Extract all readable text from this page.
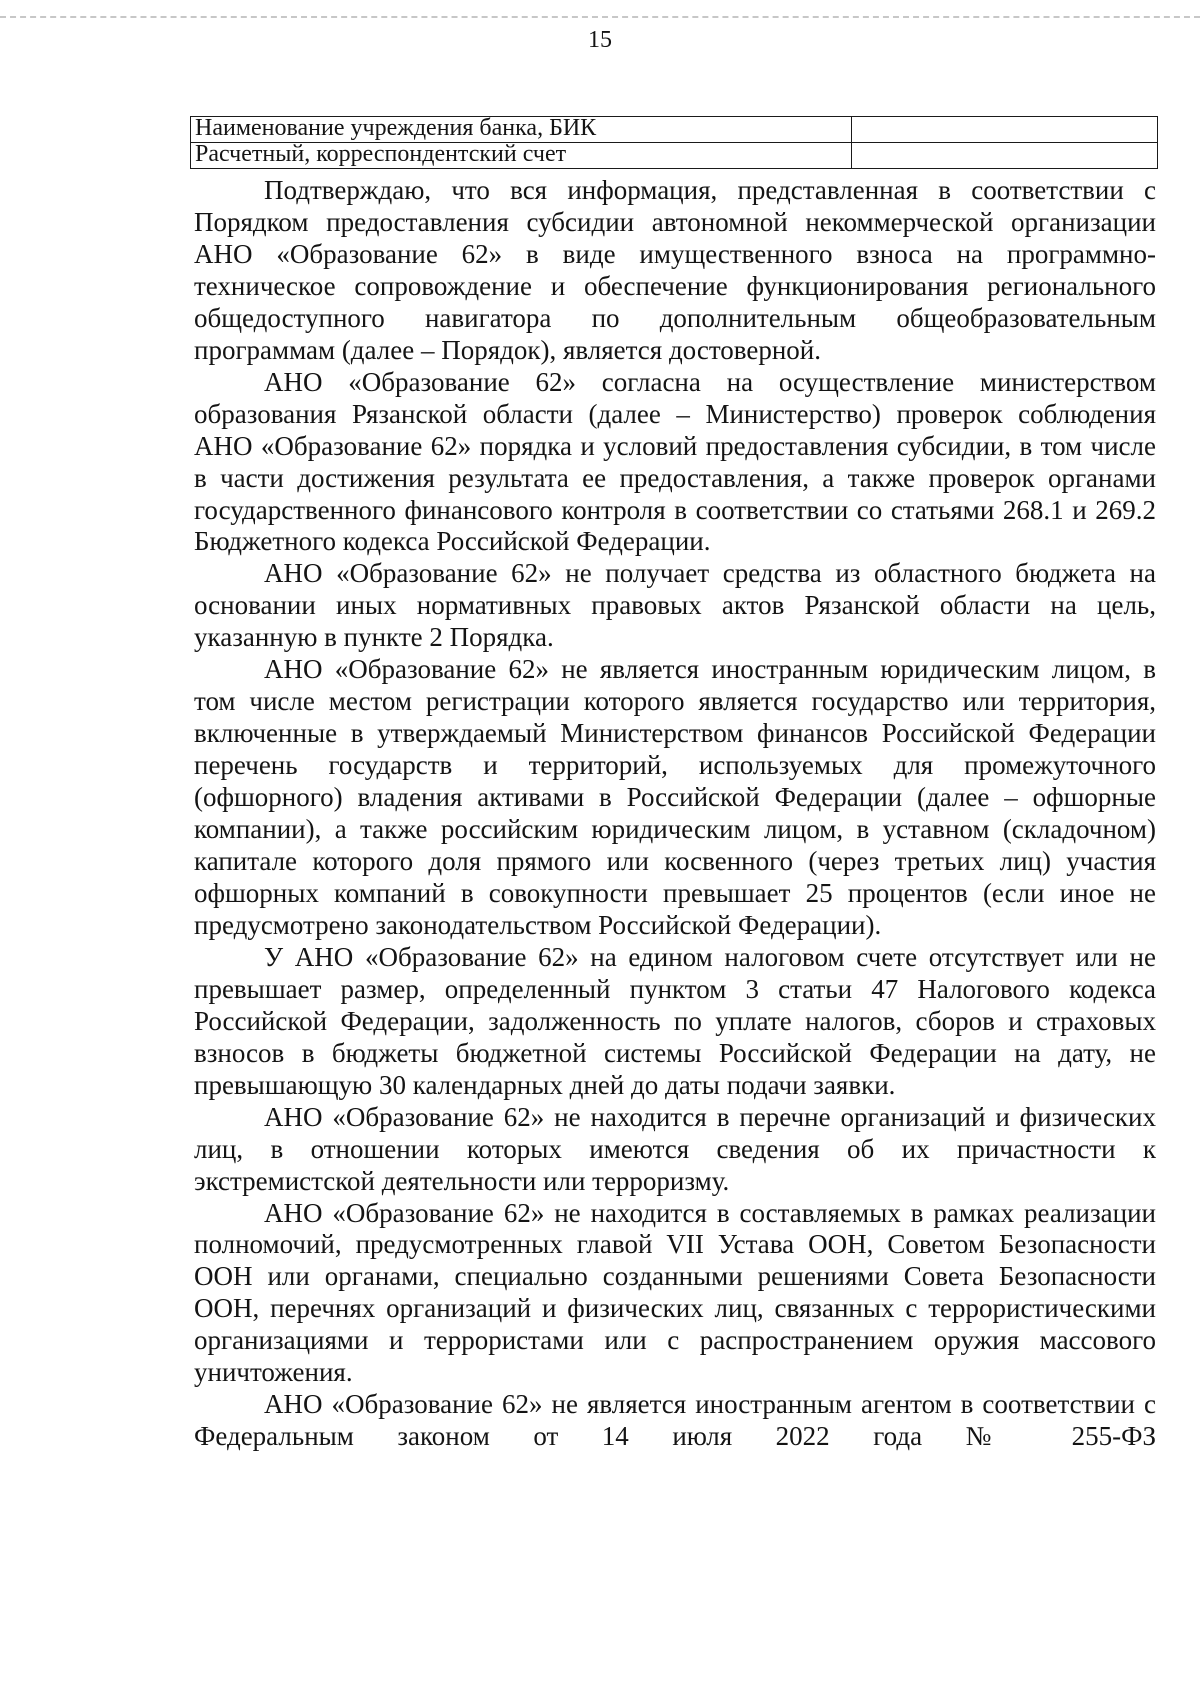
15
Наименование учреждения банка, БИК	
Расчетный, корреспондентский счет	

Подтверждаю, что вся информация, представленная в соответствии с Порядком предоставления субсидии автономной некоммерческой организации АНО «Образование 62» в виде имущественного взноса на программно-техническое сопровождение и обеспечение функционирования регионального общедоступного навигатора по дополнительным общеобразовательным программам (далее – Порядок), является достоверной.

АНО «Образование 62» согласна на осуществление министерством образования Рязанской области (далее – Министерство) проверок соблюдения АНО «Образование 62» порядка и условий предоставления субсидии, в том числе в части достижения результата ее предоставления, а также проверок органами государственного финансового контроля в соответствии со статьями 268.1 и 269.2 Бюджетного кодекса Российской Федерации.

АНО «Образование 62» не получает средства из областного бюджета на основании иных нормативных правовых актов Рязанской области на цель, указанную в пункте 2 Порядка.

АНО «Образование 62» не является иностранным юридическим лицом, в том числе местом регистрации которого является государство или территория, включенные в утверждаемый Министерством финансов Российской Федерации перечень государств и территорий, используемых для промежуточного (офшорного) владения активами в Российской Федерации (далее – офшорные компании), а также российским юридическим лицом, в уставном (складочном) капитале которого доля прямого или косвенного (через третьих лиц) участия офшорных компаний в совокупности превышает 25 процентов (если иное не предусмотрено законодательством Российской Федерации).

У АНО «Образование 62» на едином налоговом счете отсутствует или не превышает размер, определенный пунктом 3 статьи 47 Налогового кодекса Российской Федерации, задолженность по уплате налогов, сборов и страховых взносов в бюджеты бюджетной системы Российской Федерации на дату, не превышающую 30 календарных дней до даты подачи заявки.

АНО «Образование 62» не находится в перечне организаций и физических лиц, в отношении которых имеются сведения об их причастности к экстремистской деятельности или терроризму.

АНО «Образование 62» не находится в составляемых в рамках реализации полномочий, предусмотренных главой VII Устава ООН, Советом Безопасности ООН или органами, специально созданными решениями Совета Безопасности ООН, перечнях организаций и физических лиц, связанных с террористическими организациями и террористами или с распространением оружия массового уничтожения.

АНО «Образование 62» не является иностранным агентом в соответствии с Федеральным законом от 14 июля 2022 года № 255-ФЗ
